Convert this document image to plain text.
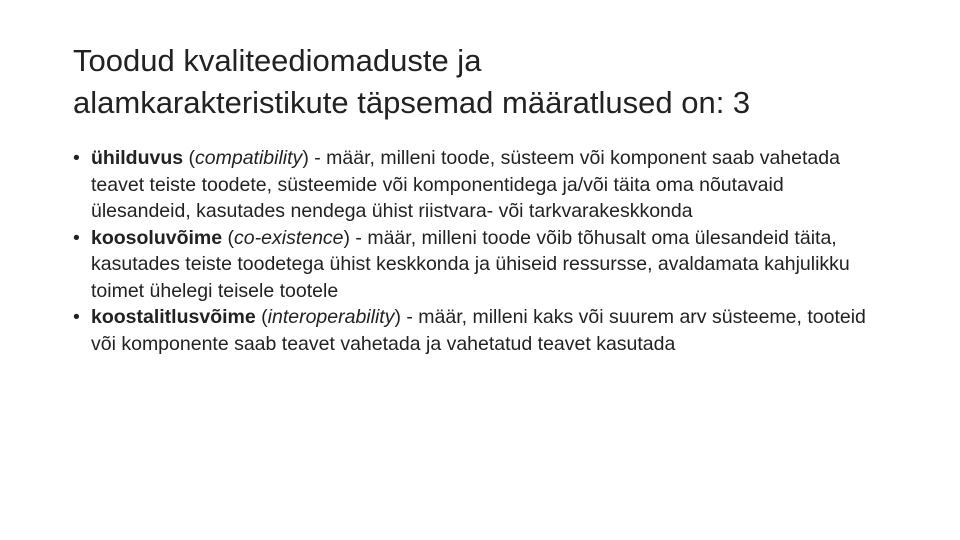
Toodud kvaliteediomaduste ja
alamkarakteristikute täpsemad määratlused on: 3
• ühilduvus (compatibility) - määr, milleni toode, süsteem või komponent saab vahetada teavet teiste toodete, süsteemide või komponentidega ja/või täita oma nõutavaid ülesandeid, kasutades nendega ühist riistvara- või tarkvarakeskkonda
• koosoluvõime (co-existence) - määr, milleni toode võib tõhusalt oma ülesandeid täita, kasutades teiste toodetega ühist keskkonda ja ühiseid ressursse, avaldamata kahjulikku toimet ühelegi teisele tootele
• koostalitlusvõime (interoperability) - määr, milleni kaks või suurem arv süsteeme, tooteid või komponente saab teavet vahetada ja vahetatud teavet kasutada
